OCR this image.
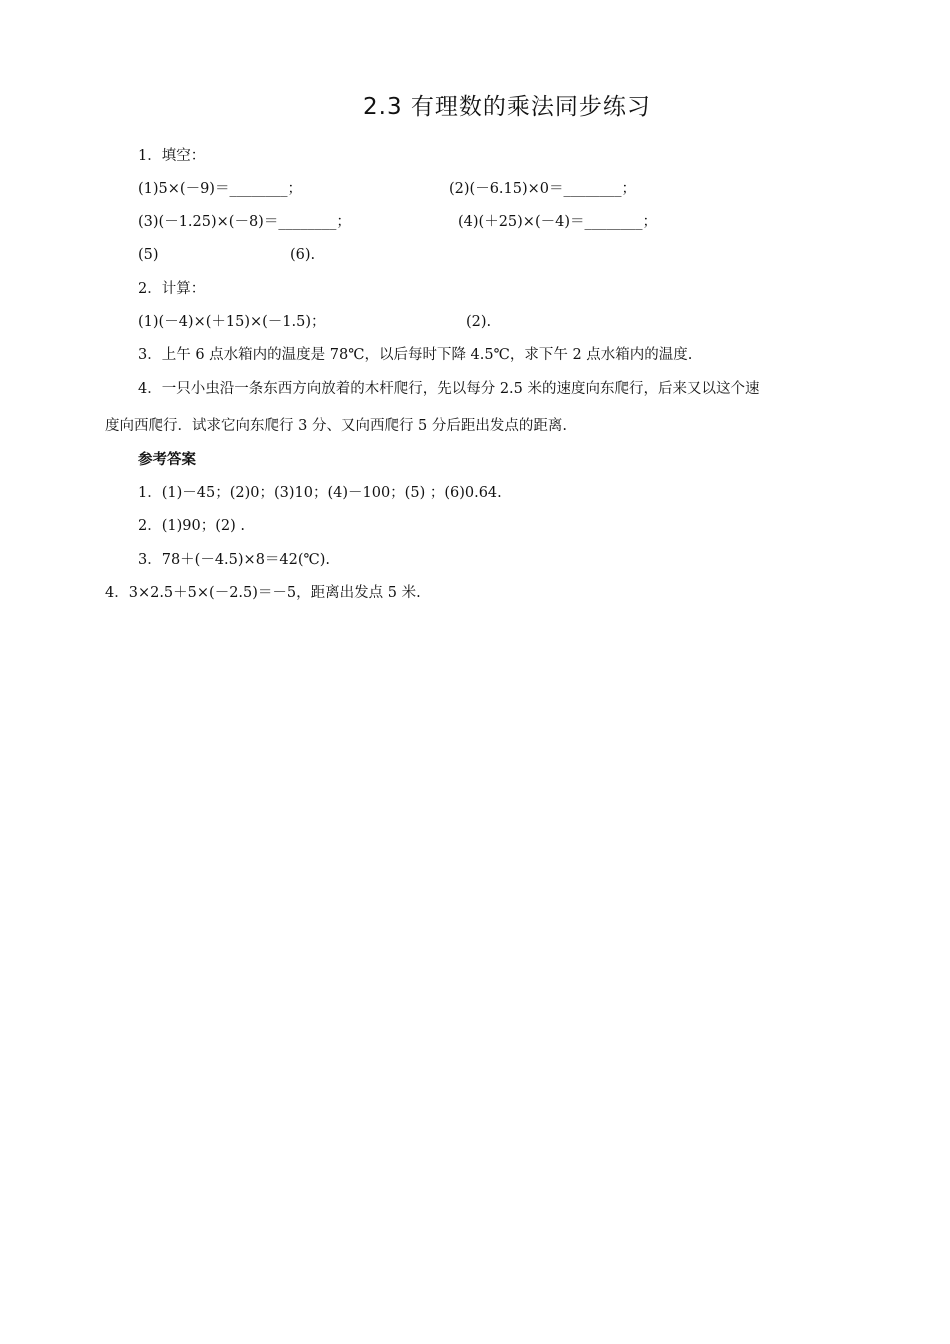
2.3 有理数的乘法同步练习
1．填空：
(1)5×(－9)＝________；	(2)(－6.15)×0＝________；
(3)(－1.25)×(－8)＝________；	(4)(＋25)×(－4)＝________；
(5)	(6).
2．计算：
(1)(－4)×(＋15)×(－1.5)；	(2).
3．上午 6 点水箱内的温度是 78℃，以后每时下降 4.5℃，求下午 2 点水箱内的温度.
4．一只小虫沿一条东西方向放着的木杆爬行，先以每分 2.5 米的速度向东爬行，后来又以这个速
度向西爬行．试求它向东爬行 3 分、又向西爬行 5 分后距出发点的距离.
参考答案
1．(1)－45；(2)0；(3)10；(4)－100；(5) ；(6)0.64.
2．(1)90；(2) .
3．78＋(－4.5)×8＝42(℃).
4．3×2.5＋5×(－2.5)＝－5，距离出发点 5 米.
